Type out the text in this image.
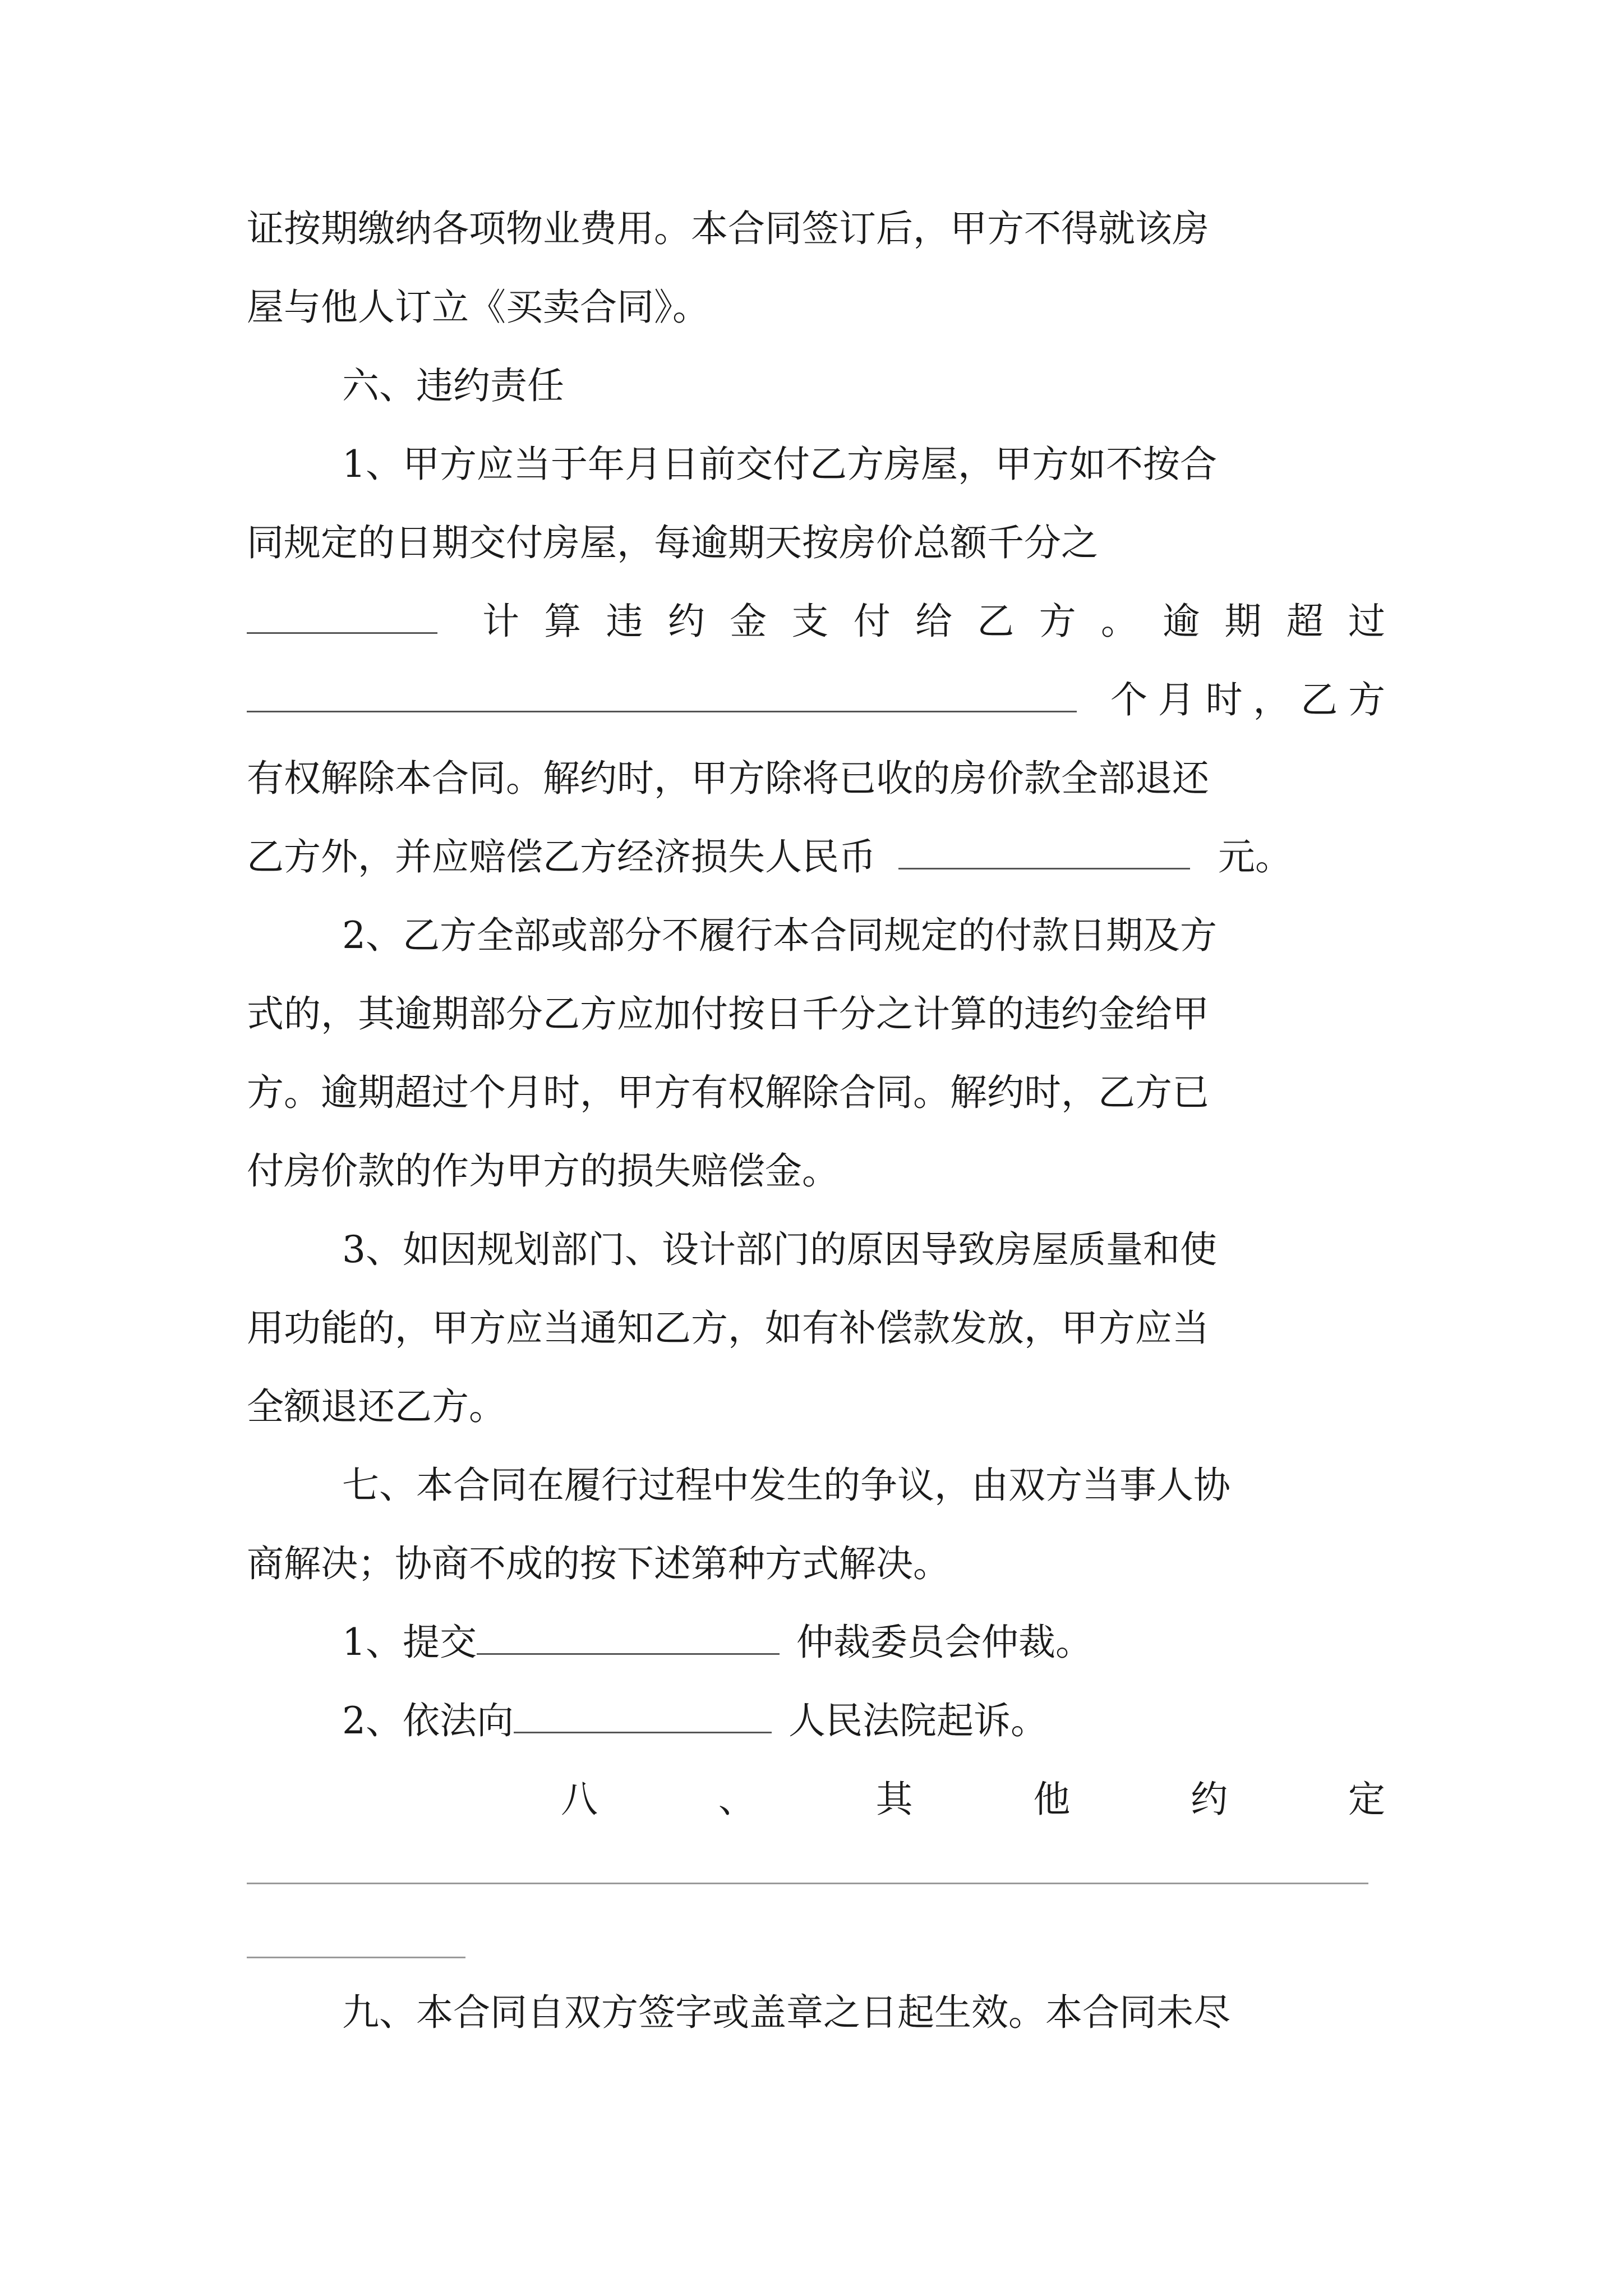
证按期缴纳各项物业费用。本合同签订后，甲方不得就该房
屋与他人订立《买卖合同》。
六、违约责任
1、甲方应当于年月日前交付乙方房屋，甲方如不按合
同规定的日期交付房屋，每逾期天按房价总额千分之
计 算 违 约 金 支 付 给 乙 方 。 逾 期 超 过
个月时，乙方
有权解除本合同。解约时，甲方除将已收的房价款全部退还
乙方外，并应赔偿乙方经济损失人民币	元。
2、乙方全部或部分不履行本合同规定的付款日期及方
式的，其逾期部分乙方应加付按日千分之计算的违约金给甲
方。逾期超过个月时，甲方有权解除合同。解约时，乙方已
付房价款的作为甲方的损失赔偿金。
3、如因规划部门、设计部门的原因导致房屋质量和使
用功能的，甲方应当通知乙方，如有补偿款发放，甲方应当
全额退还乙方。
七、本合同在履行过程中发生的争议，由双方当事人协
商解决；协商不成的按下述第种方式解决。
1、提交	仲裁委员会仲裁。
2、依法向	人民法院起诉。
八 、 其 他 约 定
九、本合同自双方签字或盖章之日起生效。本合同未尽
